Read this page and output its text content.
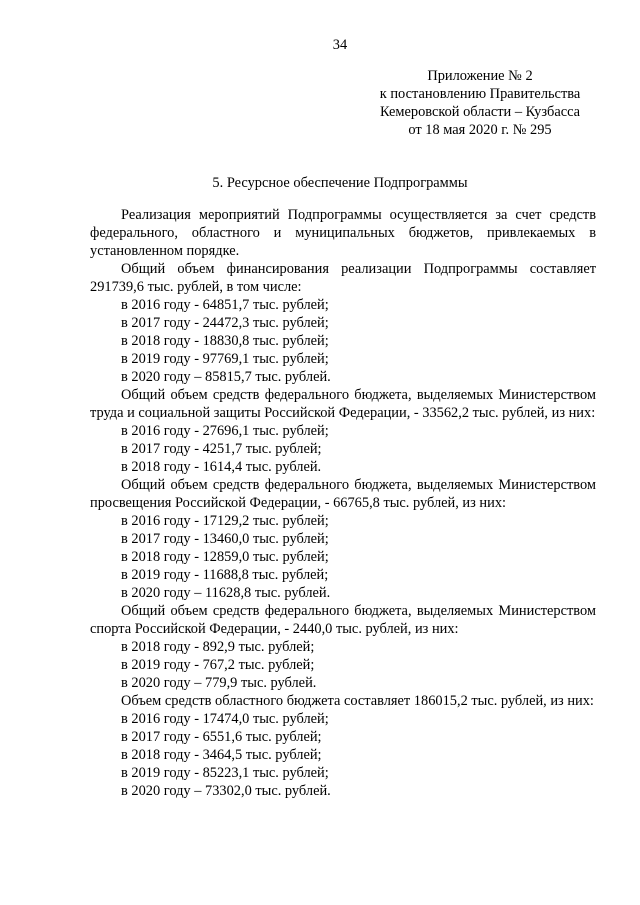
34
Приложение № 2
к постановлению Правительства
Кемеровской области – Кузбасса
от 18 мая 2020 г. № 295
5. Ресурсное обеспечение Подпрограммы
Реализация мероприятий Подпрограммы осуществляется за счет средств федерального, областного и муниципальных бюджетов, привлекаемых в установленном порядке.
Общий объем финансирования реализации Подпрограммы составляет 291739,6 тыс. рублей, в том числе:
в 2016 году - 64851,7 тыс. рублей;
в 2017 году - 24472,3 тыс. рублей;
в 2018 году - 18830,8 тыс. рублей;
в 2019 году - 97769,1 тыс. рублей;
в 2020 году – 85815,7 тыс. рублей.
Общий объем средств федерального бюджета, выделяемых Министерством труда и социальной защиты Российской Федерации, - 33562,2 тыс. рублей, из них:
в 2016 году - 27696,1 тыс. рублей;
в 2017 году - 4251,7 тыс. рублей;
в 2018 году - 1614,4 тыс. рублей.
Общий объем средств федерального бюджета, выделяемых Министерством просвещения Российской Федерации, - 66765,8 тыс. рублей, из них:
в 2016 году - 17129,2 тыс. рублей;
в 2017 году - 13460,0 тыс. рублей;
в 2018 году - 12859,0 тыс. рублей;
в 2019 году - 11688,8 тыс. рублей;
в 2020 году – 11628,8 тыс. рублей.
Общий объем средств федерального бюджета, выделяемых Министерством спорта Российской Федерации, - 2440,0 тыс. рублей, из них:
в 2018 году - 892,9 тыс. рублей;
в 2019 году - 767,2 тыс. рублей;
в 2020 году – 779,9 тыс. рублей.
Объем средств областного бюджета составляет 186015,2 тыс. рублей, из них:
в 2016 году - 17474,0 тыс. рублей;
в 2017 году - 6551,6 тыс. рублей;
в 2018 году - 3464,5 тыс. рублей;
в 2019 году - 85223,1 тыс. рублей;
в 2020 году – 73302,0 тыс. рублей.
